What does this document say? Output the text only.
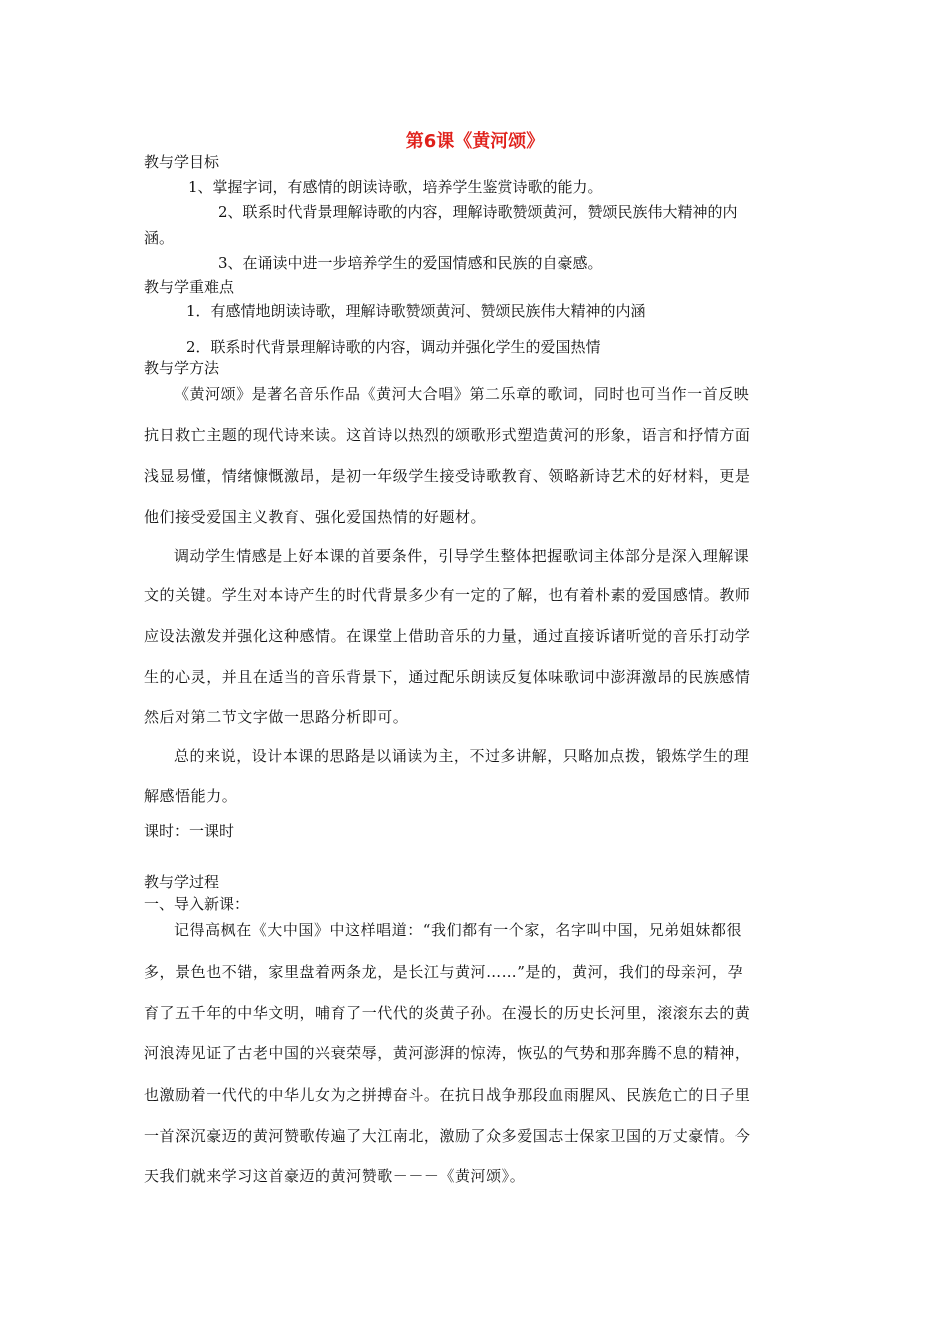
第6课《黄河颂》
教与学目标
1、掌握字词，有感情的朗读诗歌，培养学生鉴赏诗歌的能力。
2、联系时代背景理解诗歌的内容，理解诗歌赞颂黄河，赞颂民族伟大精神的内
涵。
3、在诵读中进一步培养学生的爱国情感和民族的自豪感。
教与学重难点
1．有感情地朗读诗歌，理解诗歌赞颂黄河、赞颂民族伟大精神的内涵
2．联系时代背景理解诗歌的内容，调动并强化学生的爱国热情
教与学方法
《黄河颂》是著名音乐作品《黄河大合唱》第二乐章的歌词，同时也可当作一首反映
抗日救亡主题的现代诗来读。这首诗以热烈的颂歌形式塑造黄河的形象，语言和抒情方面
浅显易懂，情绪慷慨激昂，是初一年级学生接受诗歌教育、领略新诗艺术的好材料，更是
他们接受爱国主义教育、强化爱国热情的好题材。
调动学生情感是上好本课的首要条件，引导学生整体把握歌词主体部分是深入理解课
文的关键。学生对本诗产生的时代背景多少有一定的了解，也有着朴素的爱国感情。教师
应设法激发并强化这种感情。在课堂上借助音乐的力量，通过直接诉诸听觉的音乐打动学
生的心灵，并且在适当的音乐背景下，通过配乐朗读反复体味歌词中澎湃激昂的民族感情
然后对第二节文字做一思路分析即可。
总的来说，设计本课的思路是以诵读为主，不过多讲解，只略加点拨，锻炼学生的理
解感悟能力。
课时：一课时
教与学过程
一、导入新课：
记得高枫在《大中国》中这样唱道：“我们都有一个家，名字叫中国，兄弟姐妹都很
多，景色也不错，家里盘着两条龙，是长江与黄河……”是的，黄河，我们的母亲河，孕
育了五千年的中华文明，哺育了一代代的炎黄子孙。在漫长的历史长河里，滚滚东去的黄
河浪涛见证了古老中国的兴衰荣辱，黄河澎湃的惊涛，恢弘的气势和那奔腾不息的精神，
也激励着一代代的中华儿女为之拼搏奋斗。在抗日战争那段血雨腥风、民族危亡的日子里
一首深沉豪迈的黄河赞歌传遍了大江南北，激励了众多爱国志士保家卫国的万丈豪情。今
天我们就来学习这首豪迈的黄河赞歌－－－《黄河颂》。
